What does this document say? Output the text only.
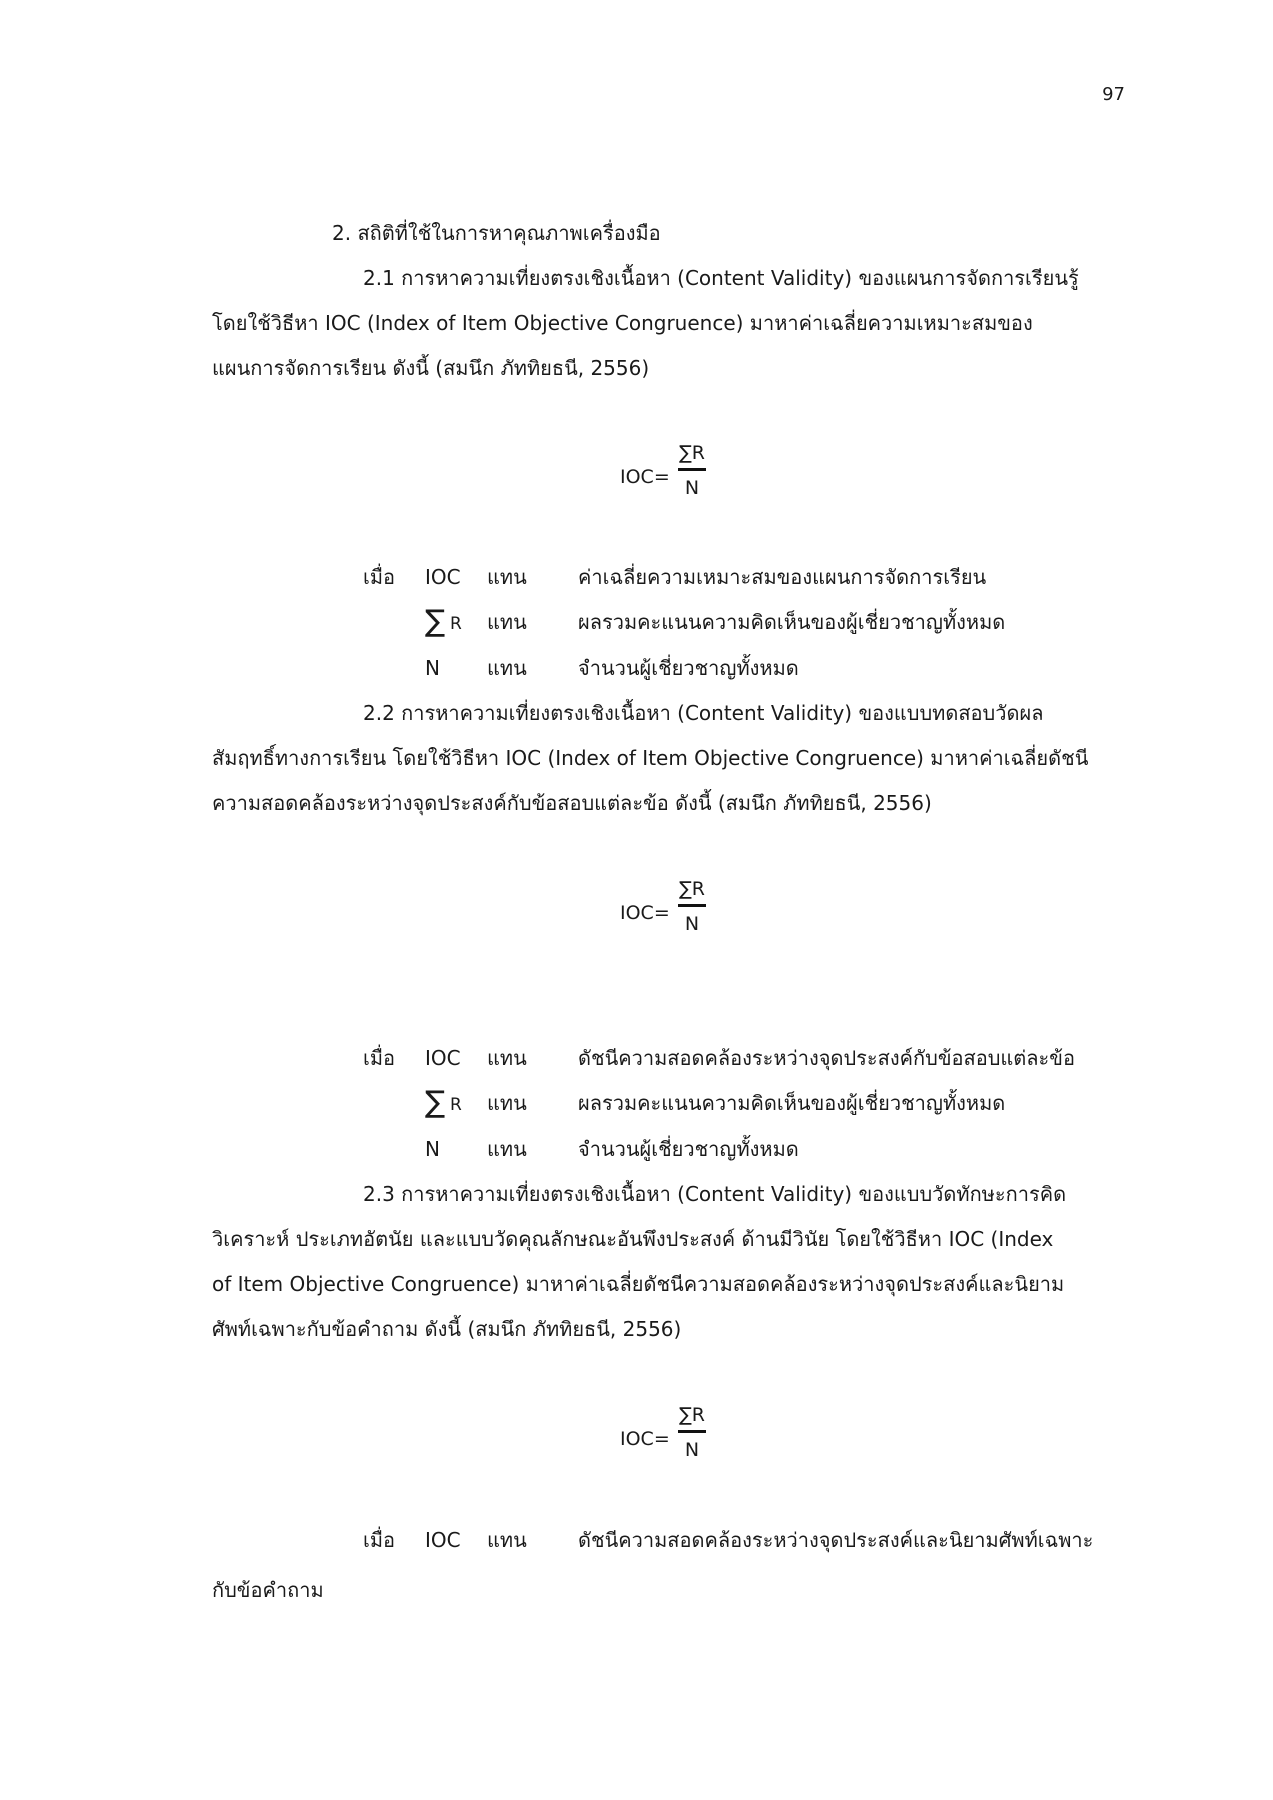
97
2. สถิติที่ใช้ในการหาคุณภาพเครื่องมือ
2.1 การหาความเที่ยงตรงเชิงเนื้อหา (Content Validity) ของแผนการจัดการเรียนรู้
โดยใช้วิธีหา IOC (Index of Item Objective Congruence) มาหาค่าเฉลี่ยความเหมาะสมของ
แผนการจัดการเรียน ดังนี้ (สมนึก ภัททิยธนี, 2556)
IOC=
∑R
N
เมื่อ IOC แทน	ค่าเฉลี่ยความเหมาะสมของแผนการจัดการเรียน
∑ R แทน	ผลรวมคะแนนความคิดเห็นของผู้เชี่ยวชาญทั้งหมด
N แทน	จำนวนผู้เชี่ยวชาญทั้งหมด
2.2 การหาความเที่ยงตรงเชิงเนื้อหา (Content Validity) ของแบบทดสอบวัดผล
สัมฤทธิ์ทางการเรียน โดยใช้วิธีหา IOC (Index of Item Objective Congruence) มาหาค่าเฉลี่ยดัชนี
ความสอดคล้องระหว่างจุดประสงค์กับข้อสอบแต่ละข้อ ดังนี้ (สมนึก ภัททิยธนี, 2556)
IOC=
∑R
N
เมื่อ IOC แทน	ดัชนีความสอดคล้องระหว่างจุดประสงค์กับข้อสอบแต่ละข้อ
∑ R แทน	ผลรวมคะแนนความคิดเห็นของผู้เชี่ยวชาญทั้งหมด
N แทน	จำนวนผู้เชี่ยวชาญทั้งหมด
2.3 การหาความเที่ยงตรงเชิงเนื้อหา (Content Validity) ของแบบวัดทักษะการคิด
วิเคราะห์ ประเภทอัตนัย และแบบวัดคุณลักษณะอันพึงประสงค์ ด้านมีวินัย โดยใช้วิธีหา IOC (Index
of Item Objective Congruence) มาหาค่าเฉลี่ยดัชนีความสอดคล้องระหว่างจุดประสงค์และนิยาม
ศัพท์เฉพาะกับข้อคำถาม ดังนี้ (สมนึก ภัททิยธนี, 2556)
IOC=
∑R
N
เมื่อ IOC แทน	ดัชนีความสอดคล้องระหว่างจุดประสงค์และนิยามศัพท์เฉพาะ
กับข้อคำถาม
